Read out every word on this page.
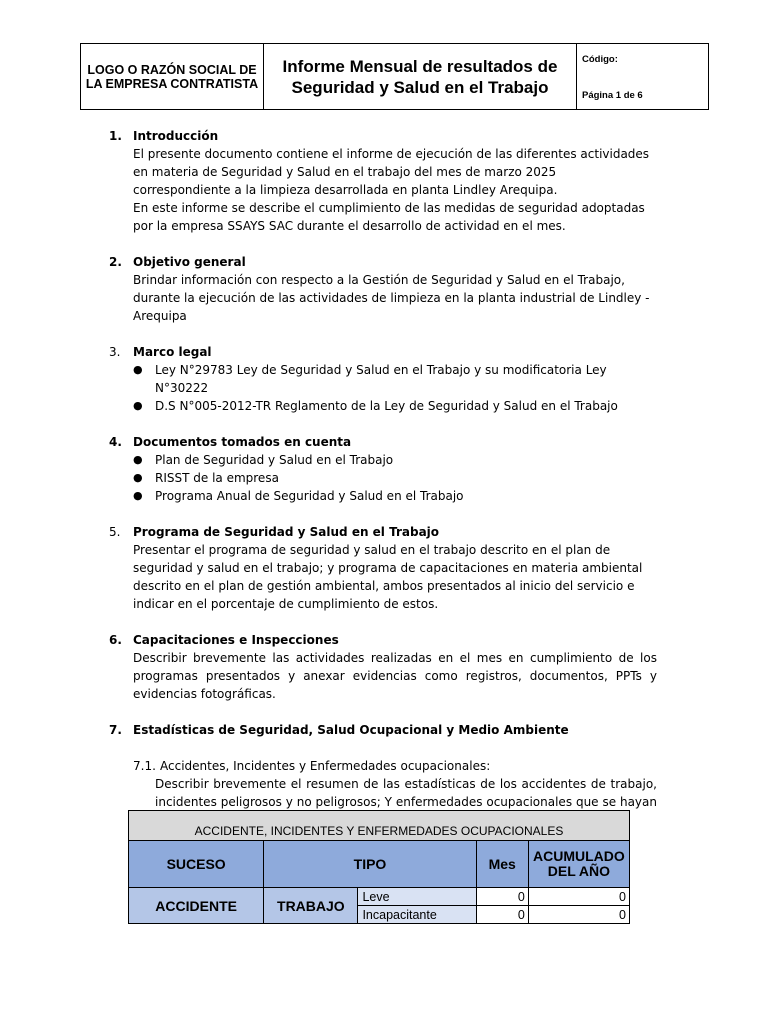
LOGO O RAZÓN SOCIAL DE LA EMPRESA CONTRATISTA
Informe Mensual de resultados de Seguridad y Salud en el Trabajo
Código:
Página 1 de 6
1. Introducción
El presente documento contiene el informe de ejecución de las diferentes actividades en materia de Seguridad y Salud en el trabajo del mes de marzo 2025 correspondiente a la limpieza desarrollada en planta Lindley Arequipa.
En este informe se describe el cumplimiento de las medidas de seguridad adoptadas por la empresa SSAYS SAC durante el desarrollo de actividad en el mes.
2. Objetivo general
Brindar información con respecto a la Gestión de Seguridad y Salud en el Trabajo, durante la ejecución de las actividades de limpieza en la planta industrial de Lindley - Arequipa
3. Marco legal
● Ley N°29783 Ley de Seguridad y Salud en el Trabajo y su modificatoria Ley N°30222
● D.S N°005-2012-TR Reglamento de la Ley de Seguridad y Salud en el Trabajo
4. Documentos tomados en cuenta
● Plan de Seguridad y Salud en el Trabajo
● RISST de la empresa
● Programa Anual de Seguridad y Salud en el Trabajo
5. Programa de Seguridad y Salud en el Trabajo
Presentar el programa de seguridad y salud en el trabajo descrito en el plan de seguridad y salud en el trabajo; y programa de capacitaciones en materia ambiental descrito en el plan de gestión ambiental, ambos presentados al inicio del servicio e indicar en el porcentaje de cumplimiento de estos.
6. Capacitaciones e Inspecciones
Describir brevemente las actividades realizadas en el mes en cumplimiento de los programas presentados y anexar evidencias como registros, documentos, PPTs y evidencias fotográficas.
7. Estadísticas de Seguridad, Salud Ocupacional y Medio Ambiente
7.1. Accidentes, Incidentes y Enfermedades ocupacionales:
Describir brevemente el resumen de las estadísticas de los accidentes de trabajo, incidentes peligrosos y no peligrosos; Y enfermedades ocupacionales que se hayan
ACCIDENTE, INCIDENTES Y ENFERMEDADES OCUPACIONALES				
SUCESO	TIPO		Mes	ACUMULADO DEL AÑO
ACCIDENTE	TRABAJO	Leve	0	0
		Incapacitante	0	0
